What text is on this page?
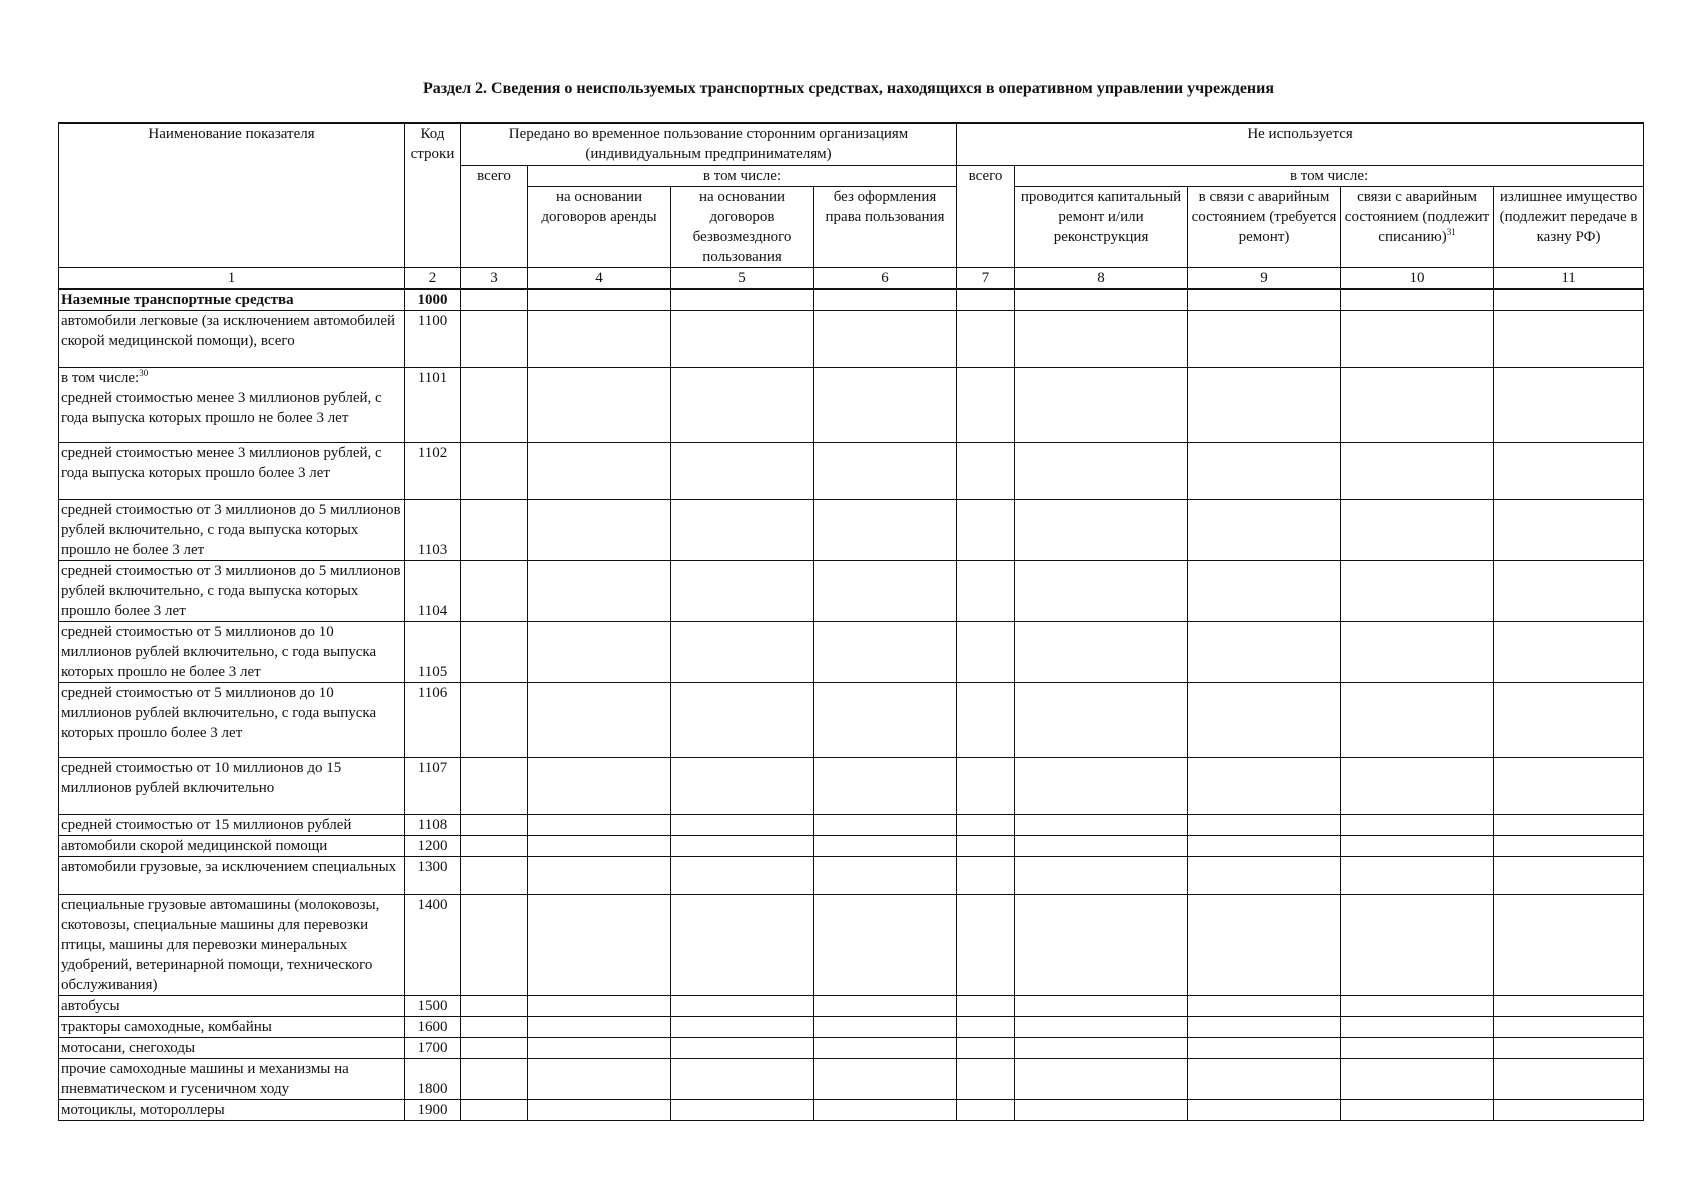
Раздел 2. Сведения о неиспользуемых транспортных средствах, находящихся в оперативном управлении учреждения
Наименование показателя	Код строки	Передано во временное пользование сторонним организациям (индивидуальным предпринимателям)				Не используется				
		всего	в том числе:			всего	в том числе:			
			на основании договоров аренды	на основании договоров безвозмездного пользования	без оформления права пользования		проводится капитальный ремонт и/или реконструкция	в связи с аварийным состоянием (требуется ремонт)	связи с аварийным состоянием (подлежит списанию)$^{31}$	излишнее имущество (подлежит передаче в казну РФ)
1	2	3	4	5	6	7	8	9	10	11
Наземные транспортные средства	1000									
автомобили легковые (за исключением автомобилей скорой медицинской помощи), всего	1100									
в том числе:$^{30}$
средней стоимостью менее 3 миллионов рублей, с года выпуска которых прошло не более 3 лет	1101									
средней стоимостью менее 3 миллионов рублей, с года выпуска которых прошло более 3 лет	1102									
средней стоимостью от 3 миллионов до 5 миллионов рублей включительно, с года выпуска которых прошло не более 3 лет	1103									
средней стоимостью от 3 миллионов до 5 миллионов рублей включительно, с года выпуска которых прошло более 3 лет	1104									
средней стоимостью от 5 миллионов до 10 миллионов рублей включительно, с года выпуска которых прошло не более 3 лет	1105									
средней стоимостью от 5 миллионов до 10 миллионов рублей включительно, с года выпуска которых прошло более 3 лет	1106									
средней стоимостью от 10 миллионов до 15 миллионов рублей включительно	1107									
средней стоимостью от 15 миллионов рублей	1108									
автомобили скорой медицинской помощи	1200									
автомобили грузовые, за исключением специальных	1300									
специальные грузовые автомашины (молоковозы, скотовозы, специальные машины для перевозки птицы, машины для перевозки минеральных удобрений, ветеринарной помощи, технического обслуживания)	1400									
автобусы	1500									
тракторы самоходные, комбайны	1600									
мотосани, снегоходы	1700									
прочие самоходные машины и механизмы на пневматическом и гусеничном ходу	1800									
мотоциклы, мотороллеры	1900									
